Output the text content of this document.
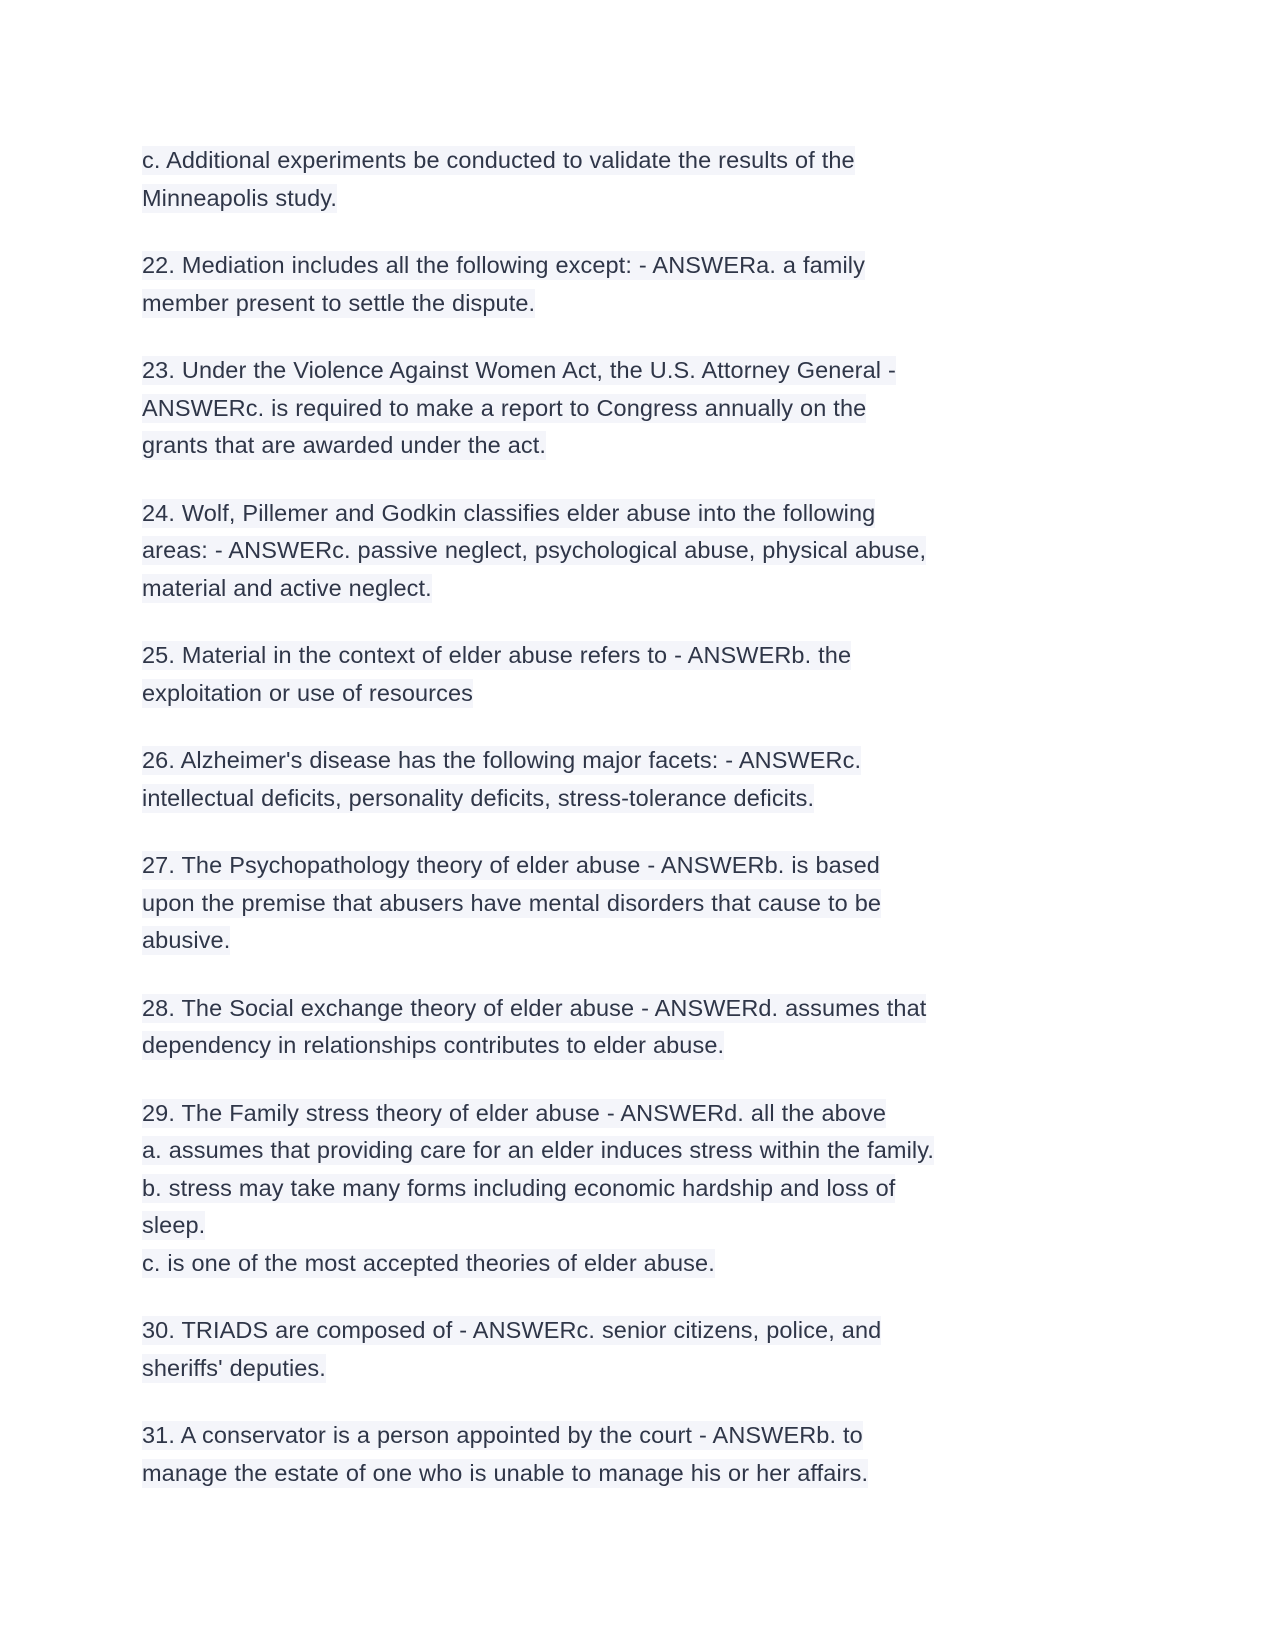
c. Additional experiments be conducted to validate the results of the
Minneapolis study.

22. Mediation includes all the following except: - ANSWERa. a family
member present to settle the dispute.

23. Under the Violence Against Women Act, the U.S. Attorney General -
ANSWERc. is required to make a report to Congress annually on the
grants that are awarded under the act.

24. Wolf, Pillemer and Godkin classifies elder abuse into the following
areas: - ANSWERc. passive neglect, psychological abuse, physical abuse,
material and active neglect.

25. Material in the context of elder abuse refers to - ANSWERb. the
exploitation or use of resources

26. Alzheimer's disease has the following major facets: - ANSWERc.
intellectual deficits, personality deficits, stress-tolerance deficits.

27. The Psychopathology theory of elder abuse - ANSWERb. is based
upon the premise that abusers have mental disorders that cause to be
abusive.

28. The Social exchange theory of elder abuse - ANSWERd. assumes that
dependency in relationships contributes to elder abuse.

29. The Family stress theory of elder abuse - ANSWERd. all the above
a. assumes that providing care for an elder induces stress within the family.
b. stress may take many forms including economic hardship and loss of
sleep.
c. is one of the most accepted theories of elder abuse.

30. TRIADS are composed of - ANSWERc. senior citizens, police, and
sheriffs' deputies.

31. A conservator is a person appointed by the court - ANSWERb. to
manage the estate of one who is unable to manage his or her affairs.
